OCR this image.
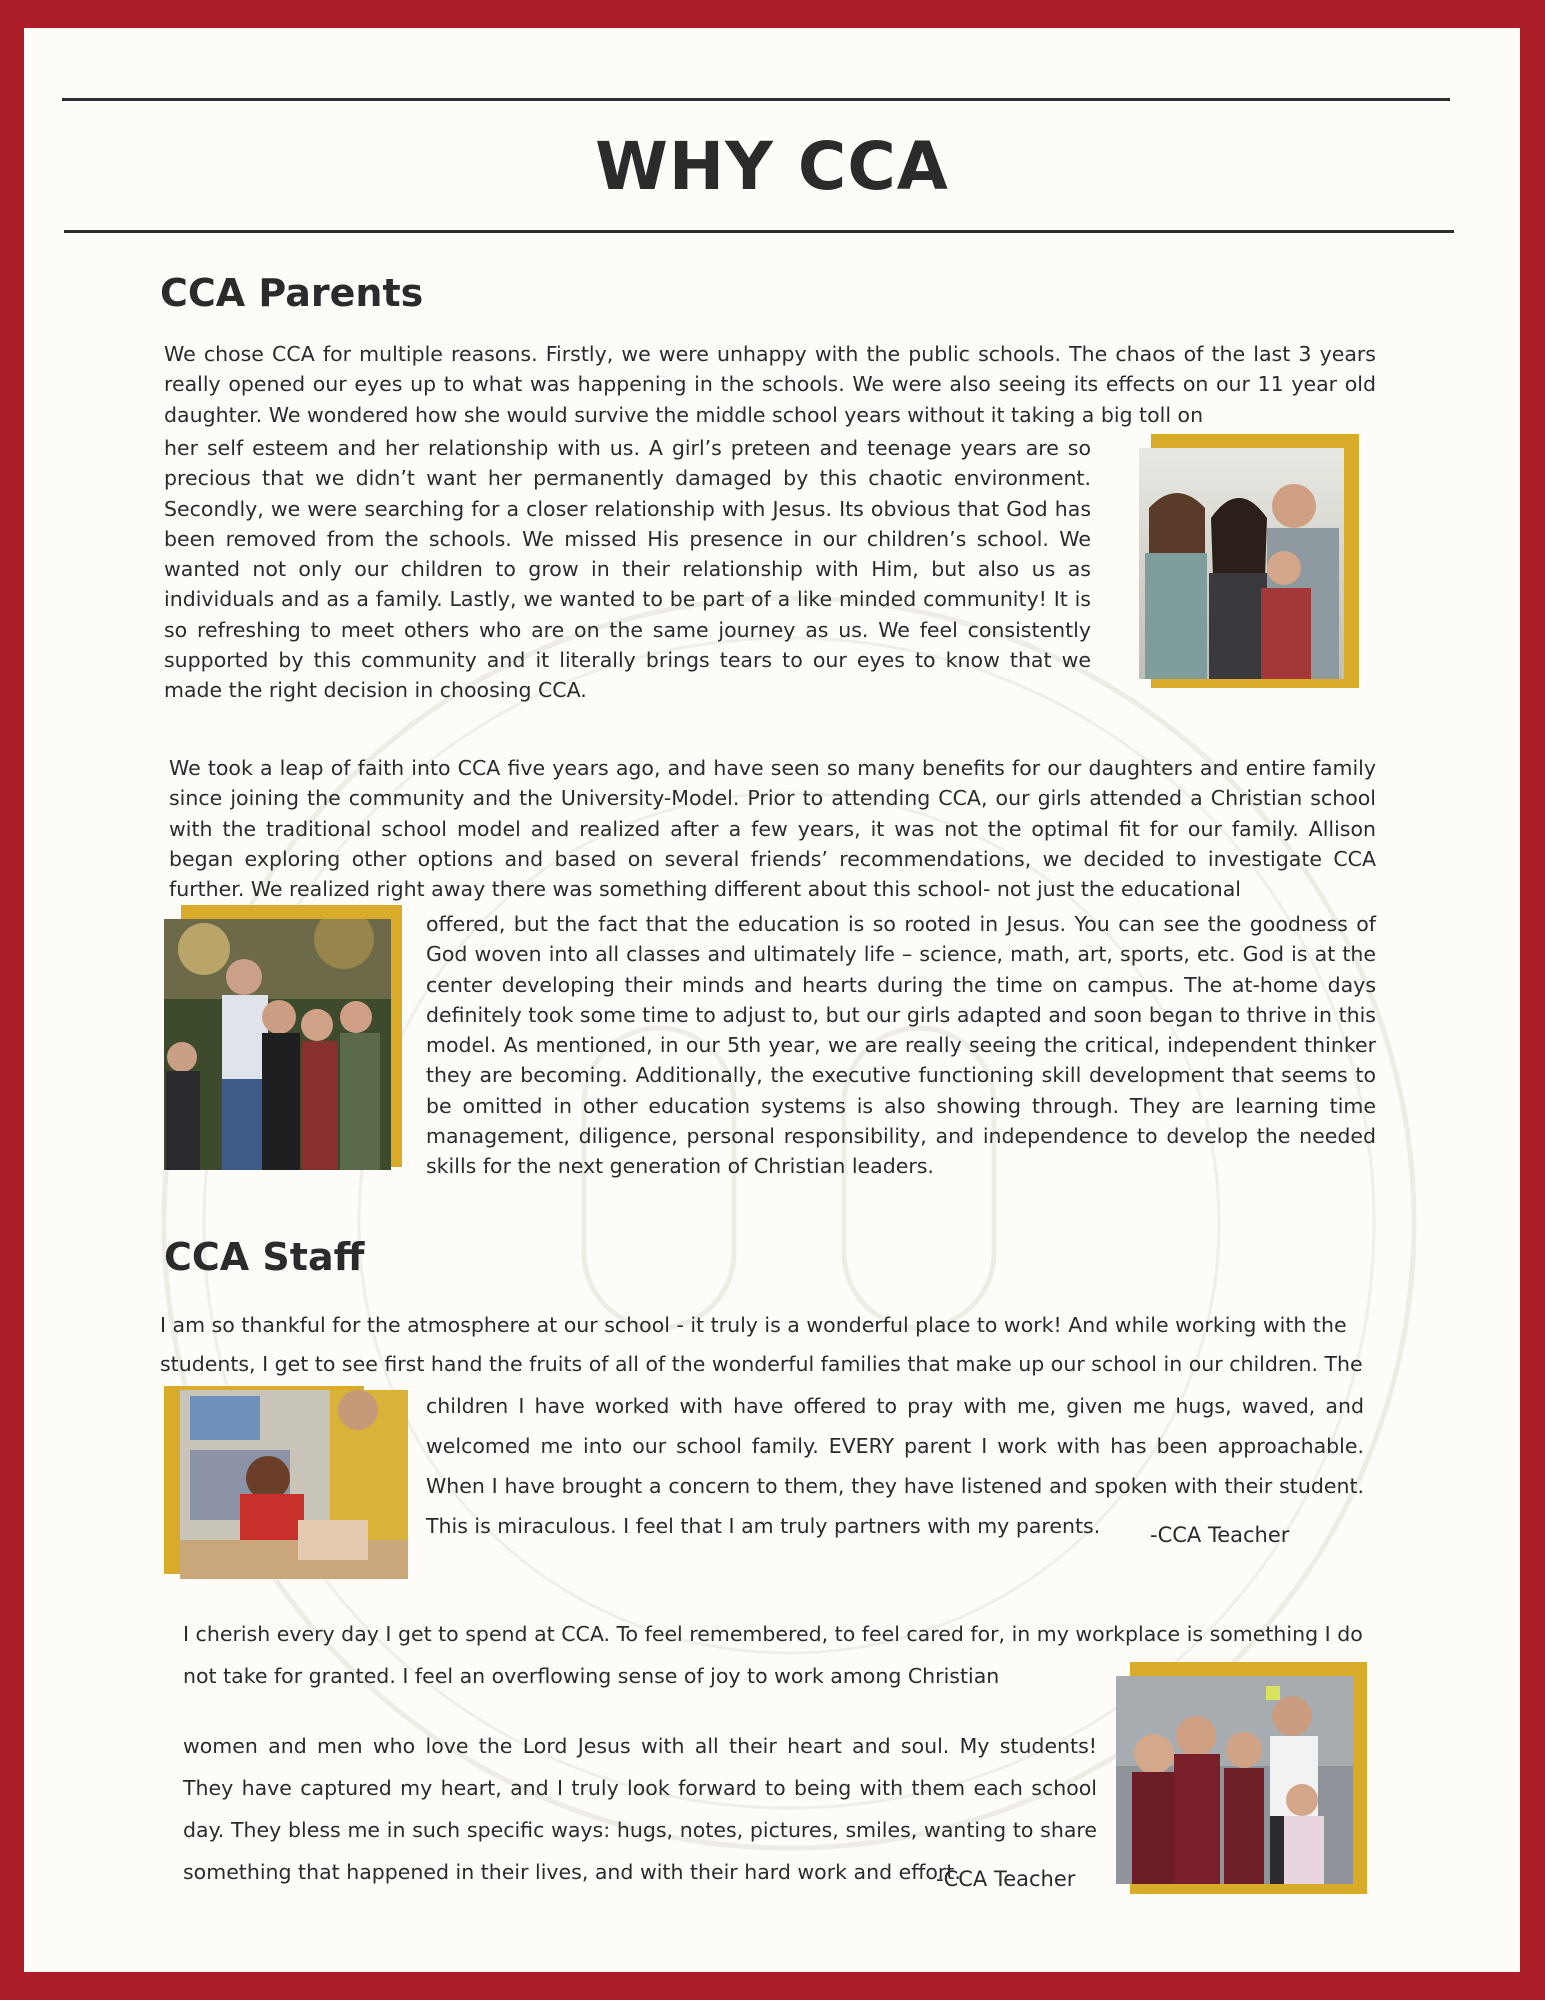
WHY CCA
CCA Parents

We chose CCA for multiple reasons. Firstly, we were unhappy with the public schools. The chaos of the last 3 years really opened our eyes up to what was happening in the schools. We were also seeing its effects on our 11 year old daughter. We wondered how she would survive the middle school years without it taking a big toll on

her self esteem and her relationship with us. A girl’s preteen and teenage years are so precious that we didn’t want her permanently damaged by this chaotic environment. Secondly, we were searching for a closer relationship with Jesus. Its obvious that God has been removed from the schools. We missed His presence in our children’s school. We wanted not only our children to grow in their relationship with Him, but also us as individuals and as a family. Lastly, we wanted to be part of a like minded community! It is so refreshing to meet others who are on the same journey as us. We feel consistently supported by this community and it literally brings tears to our eyes to know that we made the right decision in choosing CCA.

We took a leap of faith into CCA five years ago, and have seen so many benefits for our daughters and entire family since joining the community and the University-Model. Prior to attending CCA, our girls attended a Christian school with the traditional school model and realized after a few years, it was not the optimal fit for our family. Allison began exploring other options and based on several friends’ recommendations, we decided to investigate CCA further. We realized right away there was something different about this school- not just the educational

offered, but the fact that the education is so rooted in Jesus. You can see the goodness of God woven into all classes and ultimately life – science, math, art, sports, etc. God is at the center developing their minds and hearts during the time on campus. The at-home days definitely took some time to adjust to, but our girls adapted and soon began to thrive in this model. As mentioned, in our 5th year, we are really seeing the critical, independent thinker they are becoming. Additionally, the executive functioning skill development that seems to be omitted in other education systems is also showing through. They are learning time management, diligence, personal responsibility, and independence to develop the needed skills for the next generation of Christian leaders.

CCA Staff

I am so thankful for the atmosphere at our school - it truly is a wonderful place to work! And while working with the students, I get to see first hand the fruits of all of the wonderful families that make up our school in our children. The

children I have worked with have offered to pray with me, given me hugs, waved, and welcomed me into our school family. EVERY parent I work with has been approachable. When I have brought a concern to them, they have listened and spoken with their student. This is miraculous. I feel that I am truly partners with my parents.	-CCA Teacher

I cherish every day I get to spend at CCA. To feel remembered, to feel cared for, in my workplace is something I do not take for granted. I feel an overflowing sense of joy to work among Christian

women and men who love the Lord Jesus with all their heart and soul. My students! They have captured my heart, and I truly look forward to being with them each school day. They bless me in such specific ways: hugs, notes, pictures, smiles, wanting to share something that happened in their lives, and with their hard work and effort.

-CCA Teacher
